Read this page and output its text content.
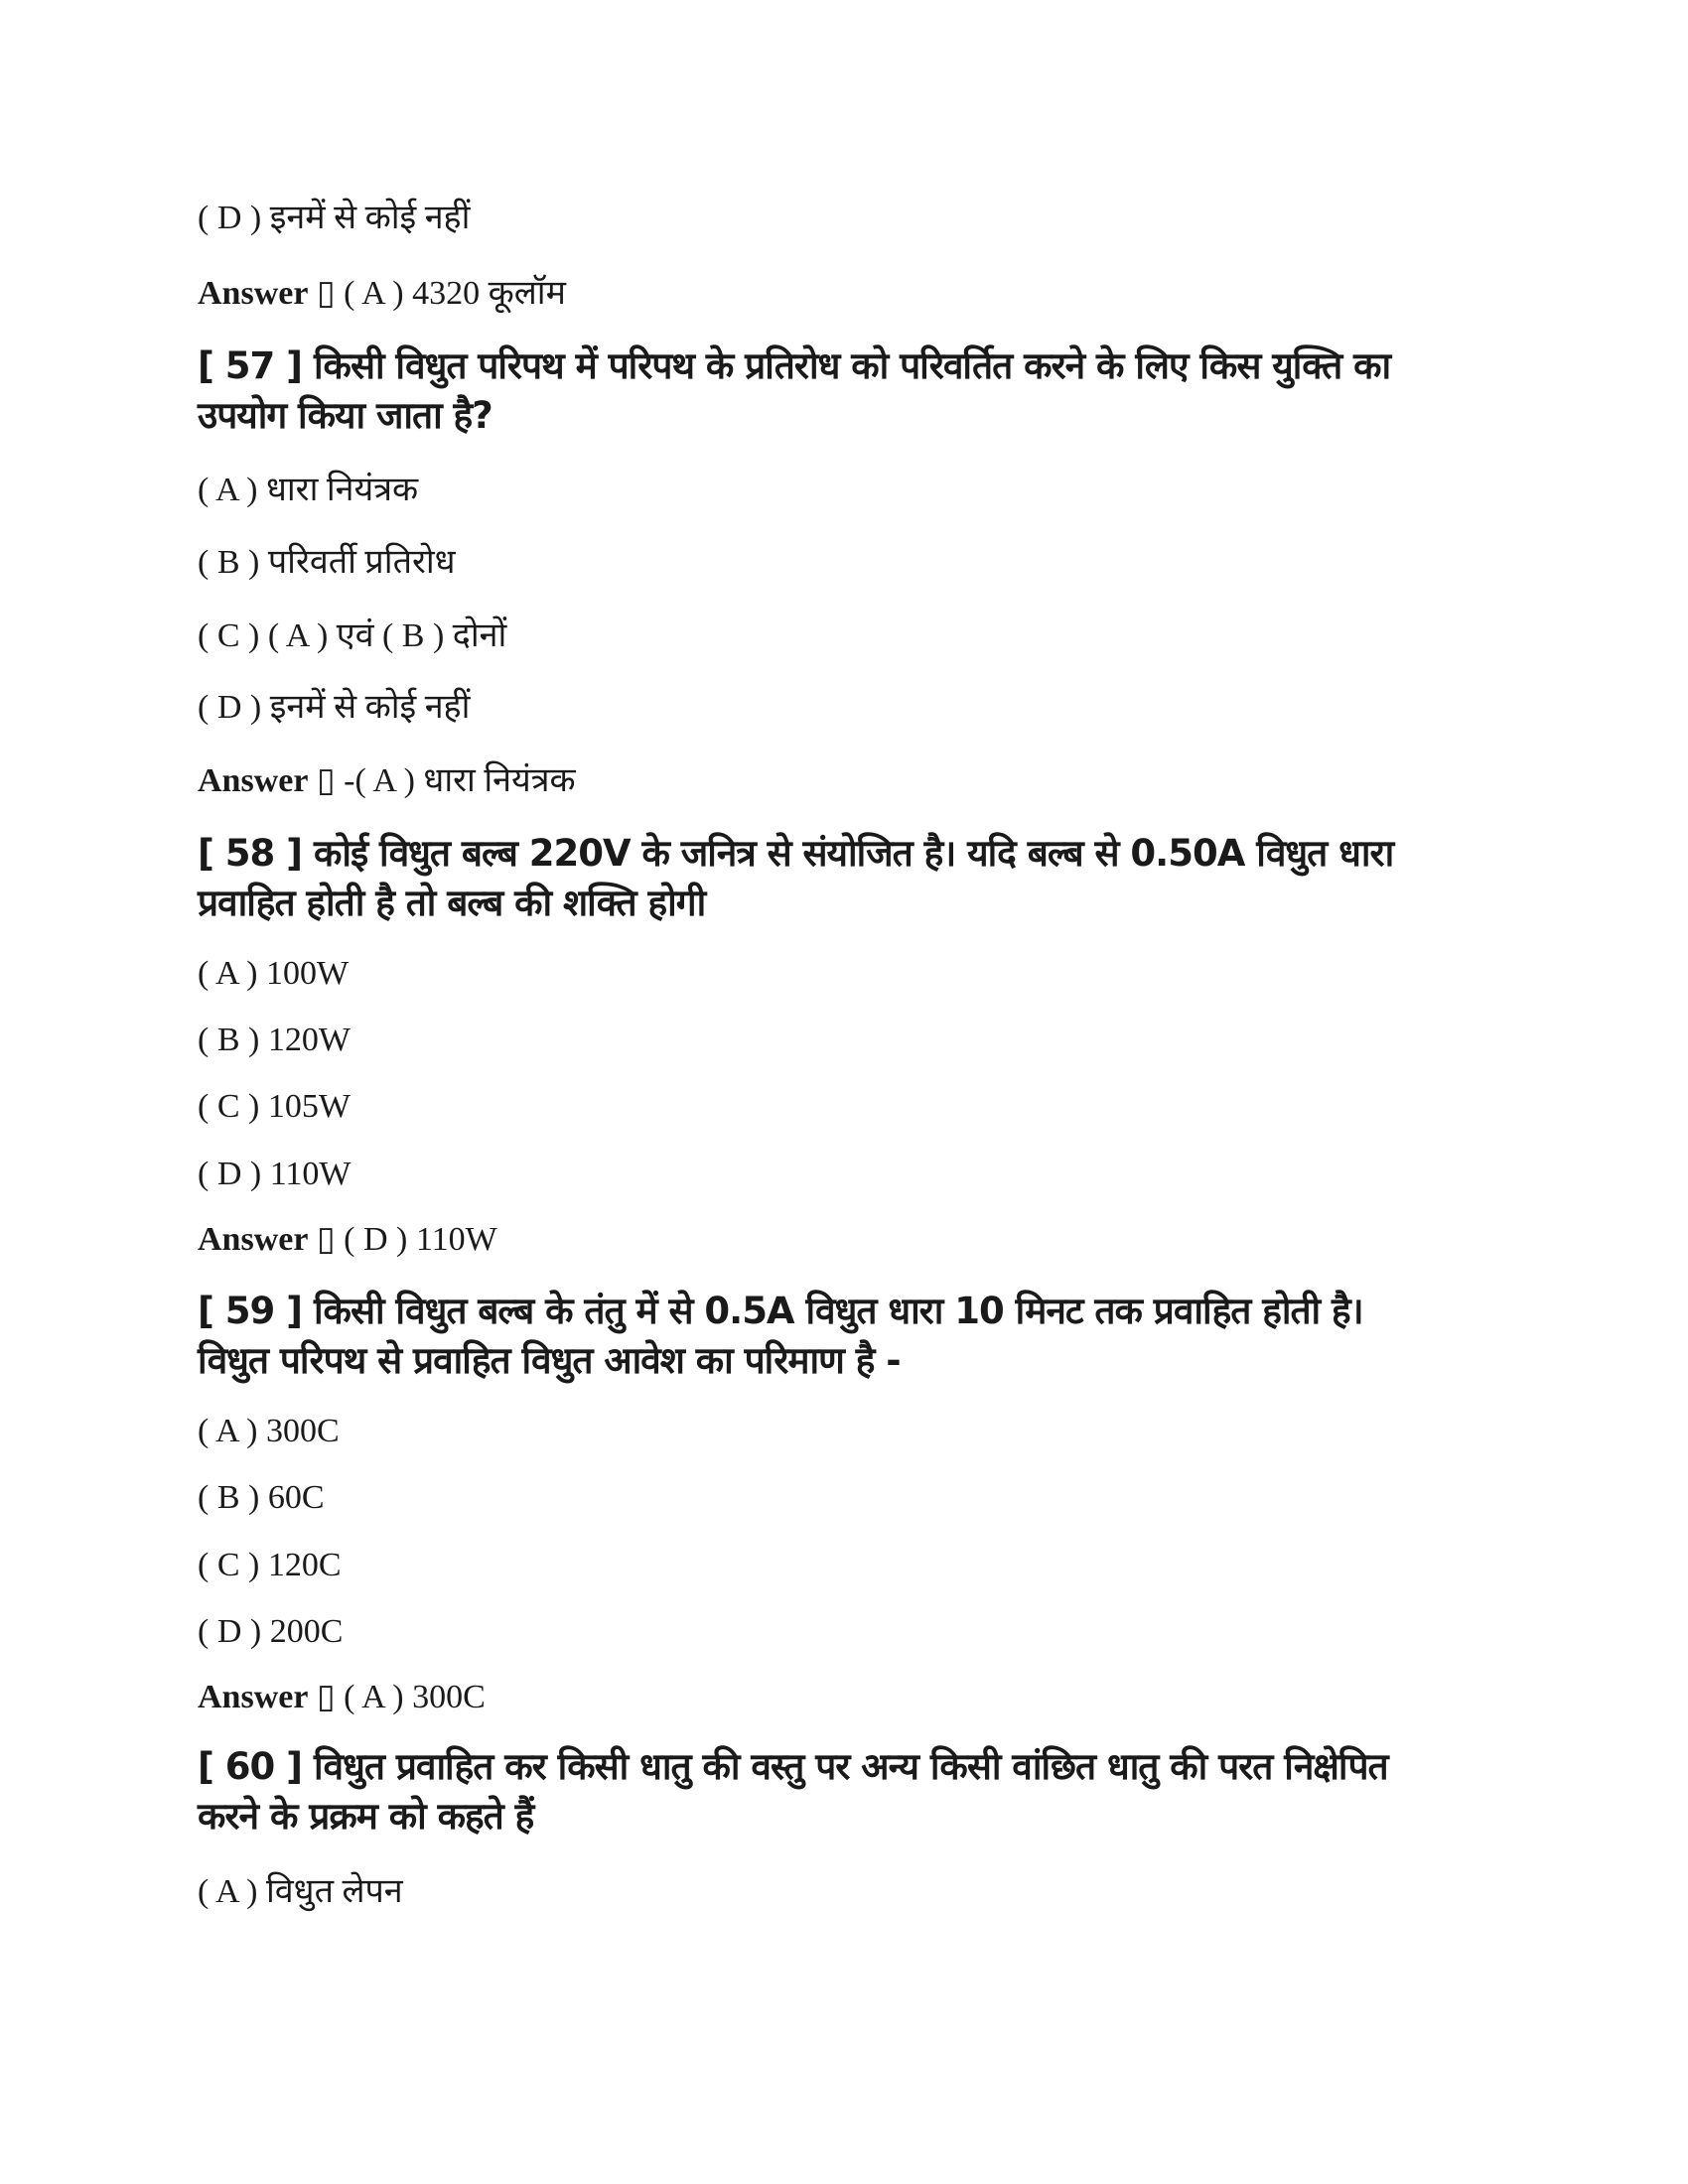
( D ) इनमें से कोई नहीं
Answer ▯ ( A ) 4320 कूलॉम
[ 57 ] किसी विधुत परिपथ में परिपथ के प्रतिरोध को परिवर्तित करने के लिए किस युक्ति का
उपयोग किया जाता है?
( A ) धारा नियंत्रक
( B ) परिवर्ती प्रतिरोध
( C ) ( A ) एवं ( B ) दोनों
( D ) इनमें से कोई नहीं
Answer ▯ -( A ) धारा नियंत्रक
[ 58 ] कोई विधुत बल्ब 220V के जनित्र से संयोजित है। यदि बल्ब से 0.50A विधुत धारा
प्रवाहित होती है तो बल्ब की शक्ति होगी
( A ) 100W
( B ) 120W
( C ) 105W
( D ) 110W
Answer ▯ ( D ) 110W
[ 59 ] किसी विधुत बल्ब के तंतु में से 0.5A विधुत धारा 10 मिनट तक प्रवाहित होती है।
विधुत परिपथ से प्रवाहित विधुत आवेश का परिमाण है -
( A ) 300C
( B ) 60C
( C ) 120C
( D ) 200C
Answer ▯ ( A ) 300C
[ 60 ] विधुत प्रवाहित कर किसी धातु की वस्तु पर अन्य किसी वांछित धातु की परत निक्षेपित
करने के प्रक्रम को कहते हैं
( A ) विधुत लेपन
